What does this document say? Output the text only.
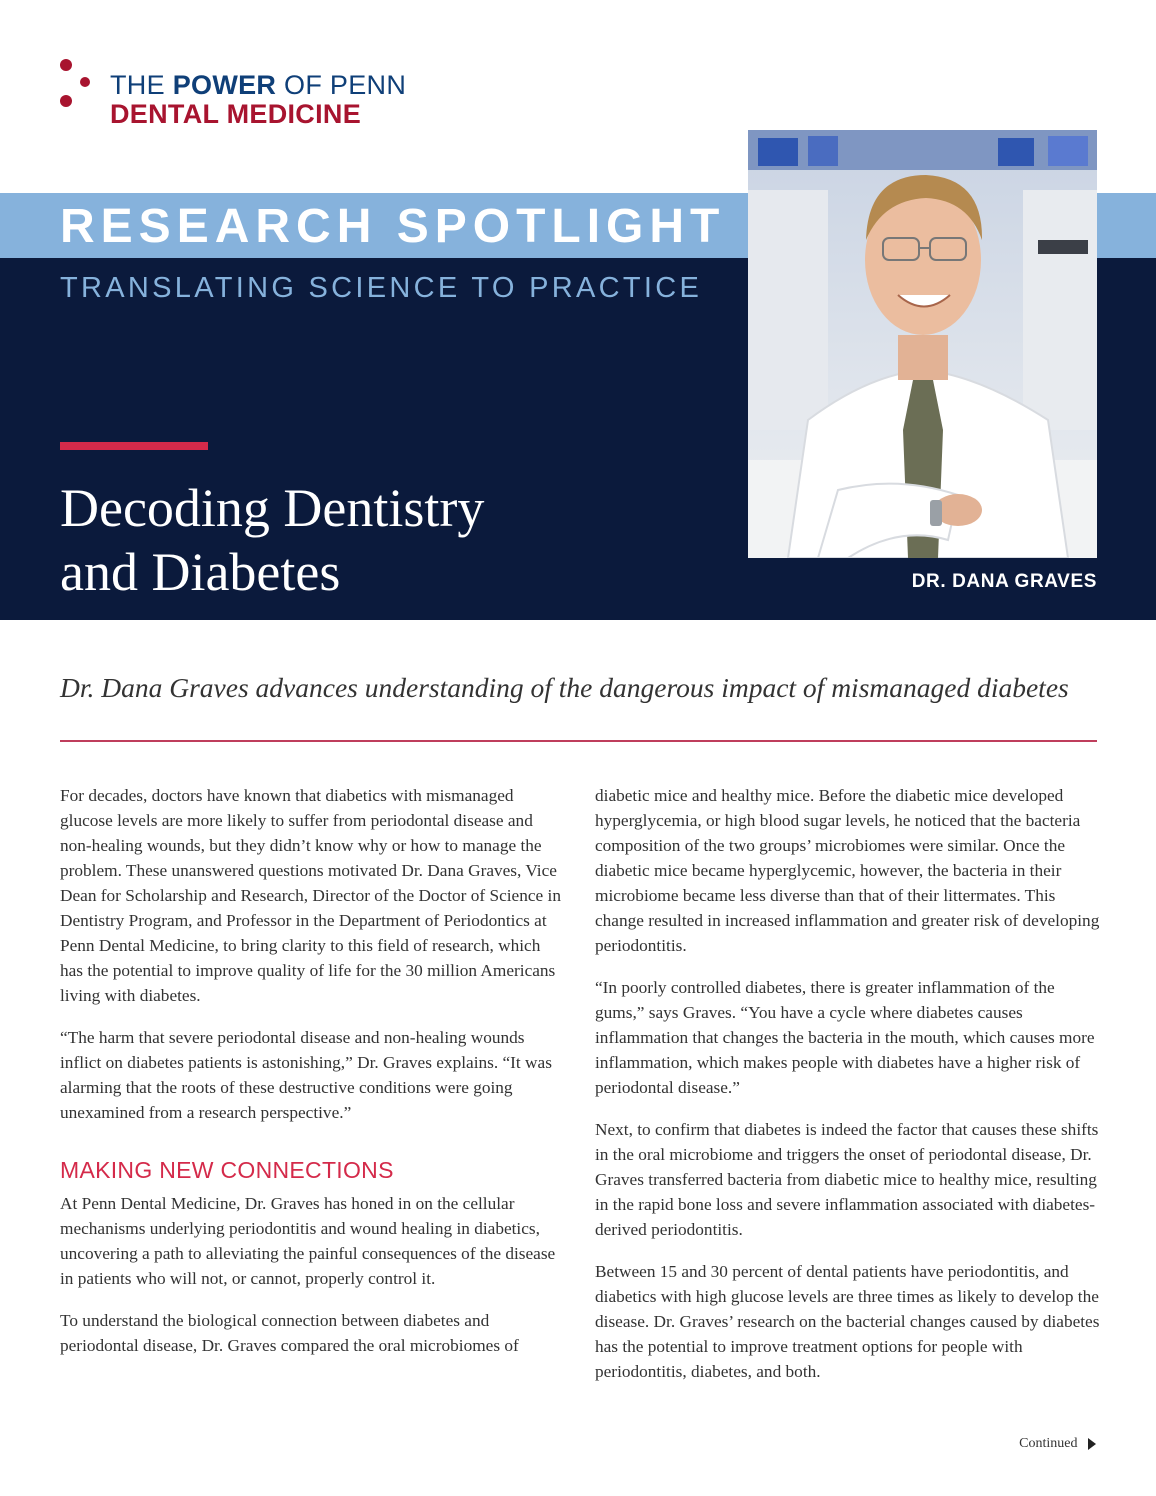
THE POWER OF PENN
DENTAL MEDICINE
RESEARCH SPOTLIGHT
TRANSLATING SCIENCE TO PRACTICE
Decoding Dentistry
and Diabetes	DR. DANA GRAVES
Dr. Dana Graves advances understanding of the dangerous impact of mismanaged diabetes

For decades, doctors have known that diabetics with mismanaged glucose levels are more likely to suffer from periodontal disease and non-healing wounds, but they didn’t know why or how to manage the problem. These unanswered questions motivated Dr. Dana Graves, Vice Dean for Scholarship and Research, Director of the Doctor of Science in Dentistry Program, and Professor in the Department of Periodontics at Penn Dental Medicine, to bring clarity to this field of research, which has the potential to improve quality of life for the 30 million Americans living with diabetes.

“The harm that severe periodontal disease and non-healing wounds inflict on diabetes patients is astonishing,” Dr. Graves explains. “It was alarming that the roots of these destructive conditions were going unexamined from a research perspective.”

MAKING NEW CONNECTIONS

At Penn Dental Medicine, Dr. Graves has honed in on the cellular mechanisms underlying periodontitis and wound healing in diabetics, uncovering a path to alleviating the painful consequences of the disease in patients who will not, or cannot, properly control it.

To understand the biological connection between diabetes and periodontal disease, Dr. Graves compared the oral microbiomes of

diabetic mice and healthy mice. Before the diabetic mice developed hyperglycemia, or high blood sugar levels, he noticed that the bacteria composition of the two groups’ microbiomes were similar. Once the diabetic mice became hyperglycemic, however, the bacteria in their microbiome became less diverse than that of their littermates. This change resulted in increased inflammation and greater risk of developing periodontitis.

“In poorly controlled diabetes, there is greater inflammation of the gums,” says Graves. “You have a cycle where diabetes causes inflammation that changes the bacteria in the mouth, which causes more inflammation, which makes people with diabetes have a higher risk of periodontal disease.”

Next, to confirm that diabetes is indeed the factor that causes these shifts in the oral microbiome and triggers the onset of periodontal disease, Dr. Graves transferred bacteria from diabetic mice to healthy mice, resulting in the rapid bone loss and severe inflammation associated with diabetes-derived periodontitis.

Between 15 and 30 percent of dental patients have periodontitis, and diabetics with high glucose levels are three times as likely to develop the disease. Dr. Graves’ research on the bacterial changes caused by diabetes has the potential to improve treatment options for people with periodontitis, diabetes, and both.

Continued
